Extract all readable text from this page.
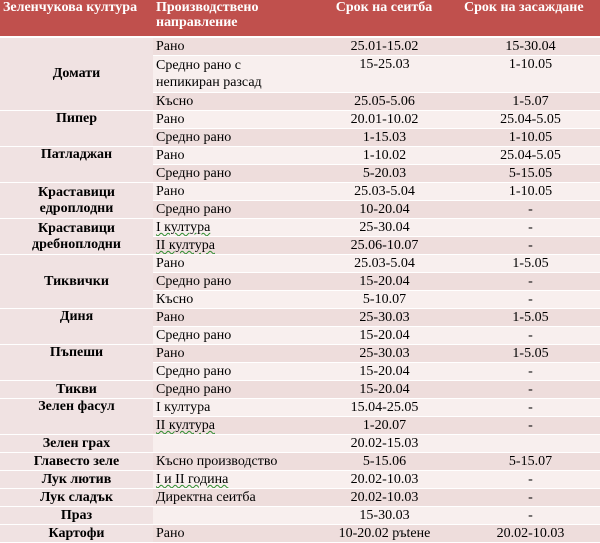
Зеленчукова култура	Производствено направление	Срок на сеитба	Срок на засаждане
Домати	Рано	25.01-15.02	15-30.04
	Средно рано с непикиран разсад	15-25.03	1-10.05
	Късно	25.05-5.06	1-5.07
Пипер	Рано	20.01-10.02	25.04-5.05
	Средно рано	1-15.03	1-10.05
Патладжан	Рано	1-10.02	25.04-5.05
	Средно рано	5-20.03	5-15.05
Краставици едроплодни	Рано	25.03-5.04	1-10.05
	Средно рано	10-20.04	-
Краставици дребноплодни	I култура	25-30.04	-
	II култура	25.06-10.07	-
Тиквички	Рано	25.03-5.04	1-5.05
	Средно рано	15-20.04	-
	Късно	5-10.07	-
Диня	Рано	25-30.03	1-5.05
	Средно рано	15-20.04	-
Пъпеши	Рано	25-30.03	1-5.05
	Средно рано	15-20.04	-
Тикви	Средно рано	15-20.04	-
Зелен фасул	I култура	15.04-25.05	-
	II култура	1-20.07	-
Зелен грах		20.02-15.03	
Главесто зеле	Късно производство	5-15.06	5-15.07
Лук лютив	I и II година	20.02-10.03	-
Лук сладък	Директна сеитба	20.02-10.03	-
Праз		15-30.03	-
Картофи	Рано	10-20.02 ръtене	20.02-10.03
